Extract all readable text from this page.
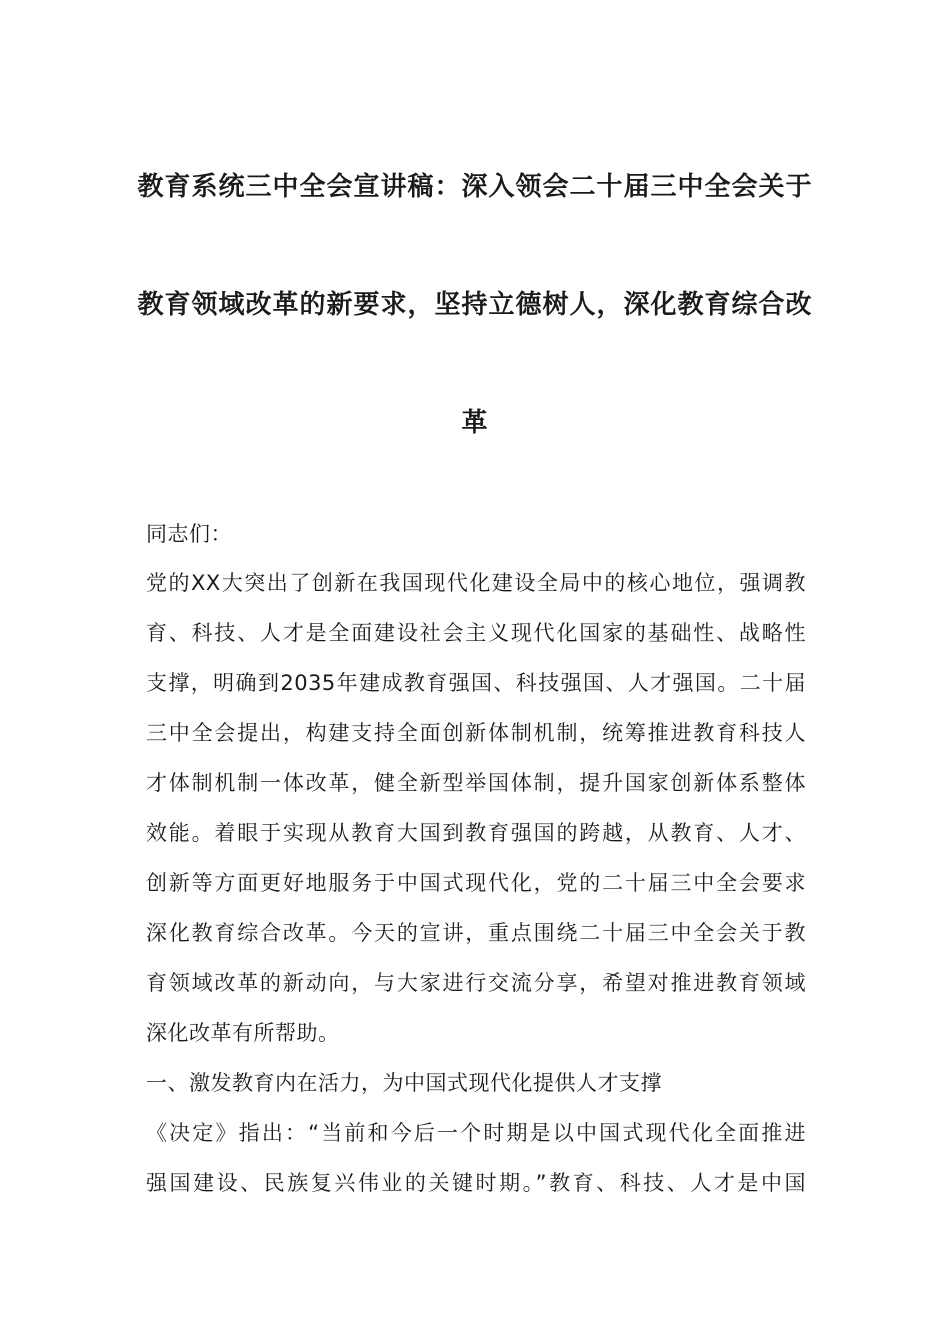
教育系统三中全会宣讲稿：深入领会二十届三中全会关于
教育领域改革的新要求，坚持立德树人，深化教育综合改
革
同志们：
党的XX大突出了创新在我国现代化建设全局中的核心地位，强调教
育、科技、人才是全面建设社会主义现代化国家的基础性、战略性
支撑，明确到2035年建成教育强国、科技强国、人才强国。二十届
三中全会提出，构建支持全面创新体制机制，统筹推进教育科技人
才体制机制一体改革，健全新型举国体制，提升国家创新体系整体
效能。着眼于实现从教育大国到教育强国的跨越，从教育、人才、
创新等方面更好地服务于中国式现代化，党的二十届三中全会要求
深化教育综合改革。今天的宣讲，重点围绕二十届三中全会关于教
育领域改革的新动向，与大家进行交流分享，希望对推进教育领域
深化改革有所帮助。
一、激发教育内在活力，为中国式现代化提供人才支撑
《决定》指出：“当前和今后一个时期是以中国式现代化全面推进
强国建设、民族复兴伟业的关键时期。”教育、科技、人才是中国
